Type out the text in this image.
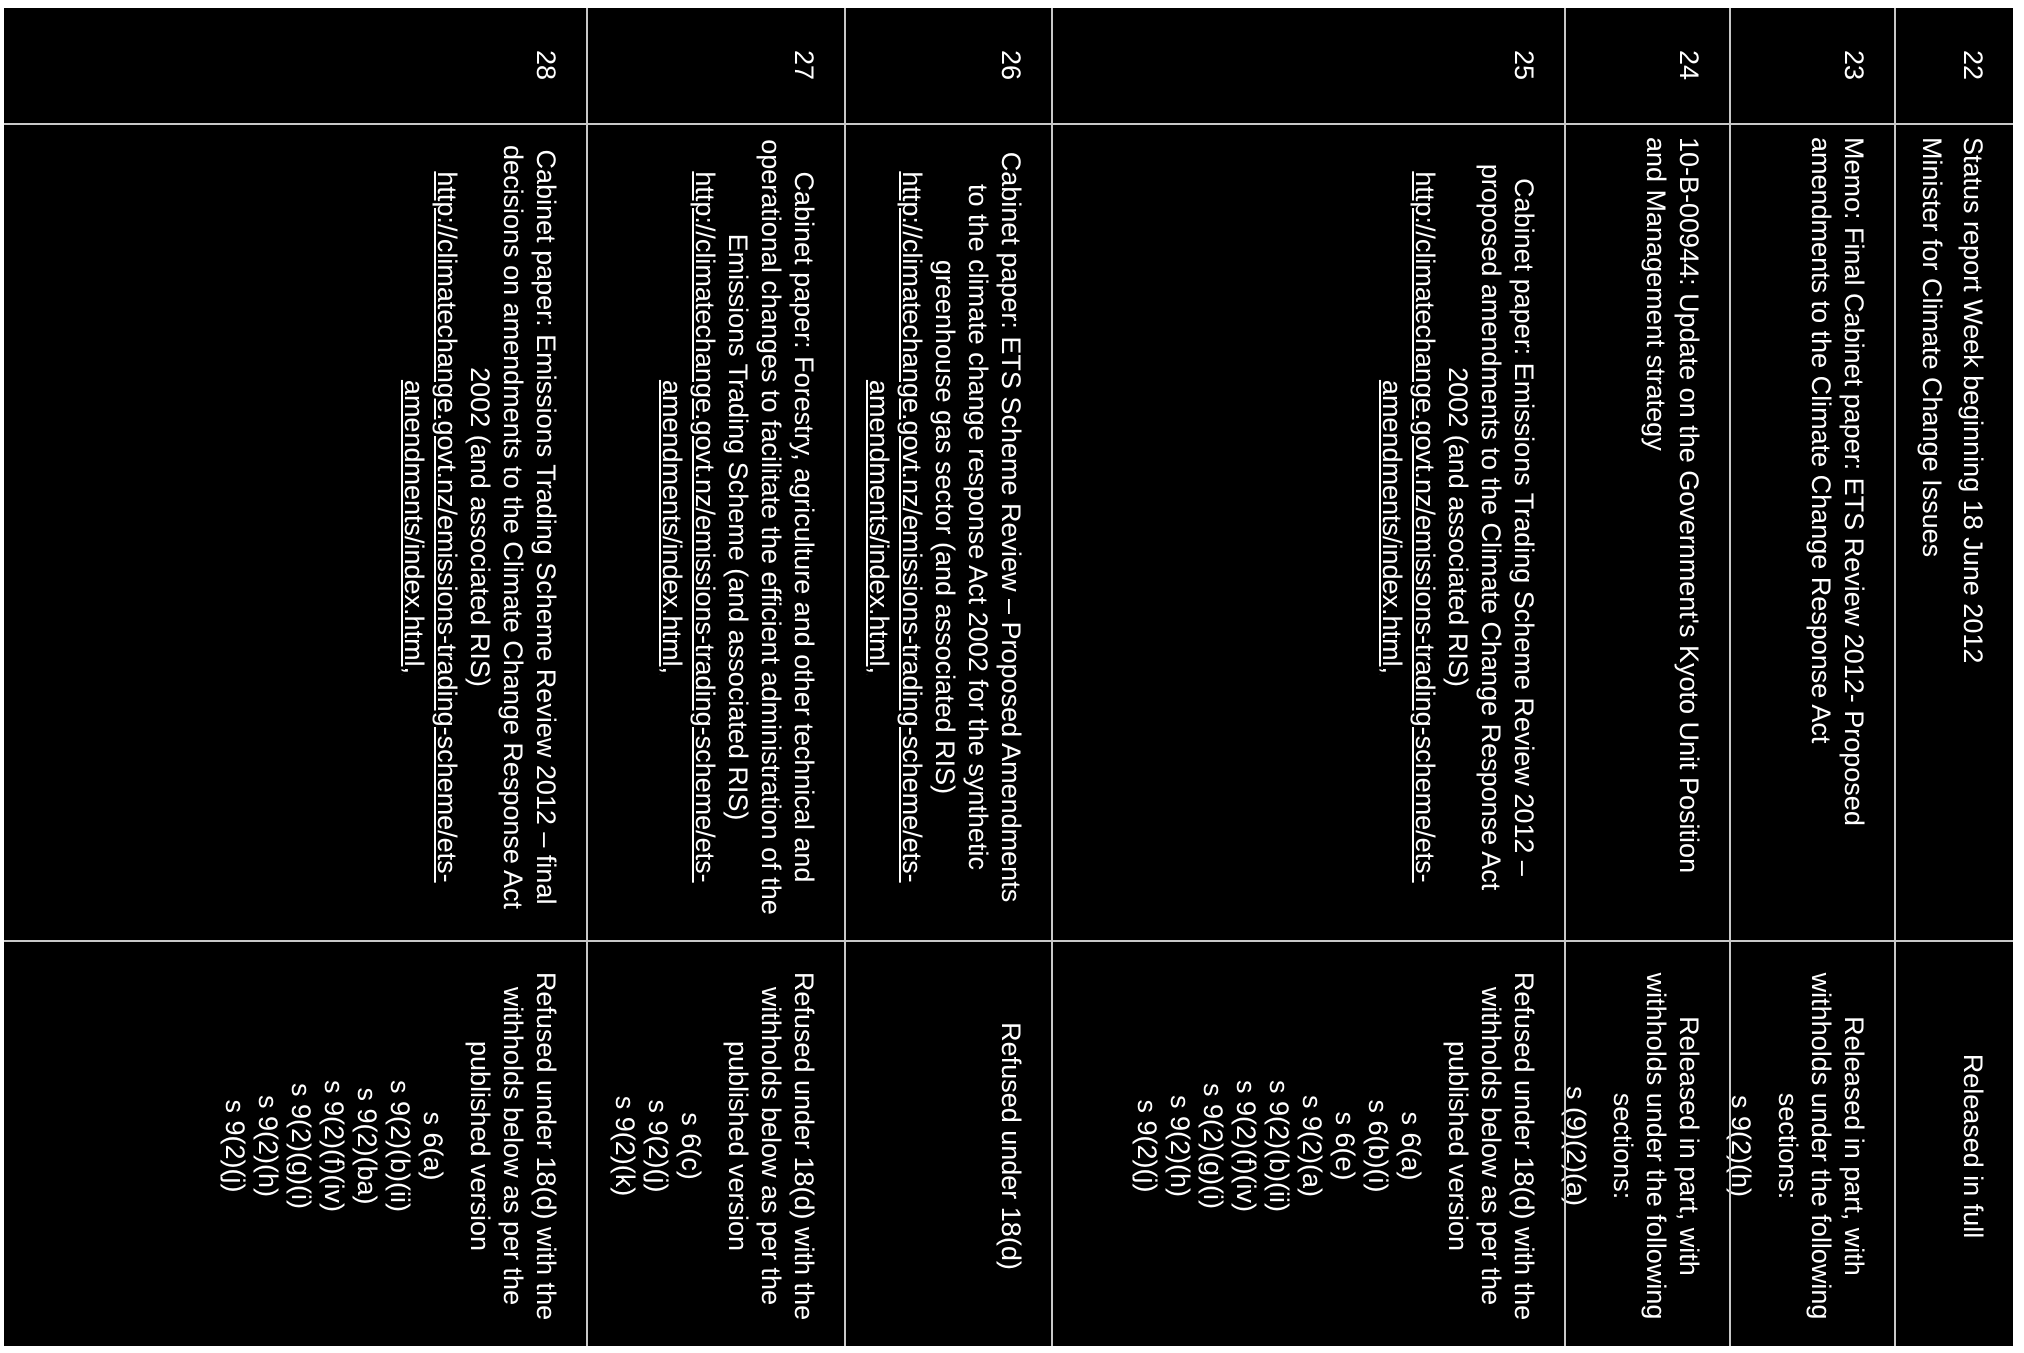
22

Status report Week beginning 18 June 2012

Minister for Climate Change Issues

Released in full

23

Memo: Final Cabinet paper: ETS Review 2012- Proposed amendments to the Climate Change Response Act

Released in part, with withholds under the following sections:

s 9(2)(h)

24

10-B-00944: Update on the Government's Kyoto Unit Position and Management strategy

Released in part, with withholds under the following sections:

s (9)(2)(a)

25

Cabinet paper: Emissions Trading Scheme Review 2012 – proposed amendments to the Climate Change Response Act 2002 (and associated RIS)

http://climatechange.govt.nz/emissions-trading-scheme/ets-amendments/index.html,

Refused under 18(d) with the withholds below as per the published version

s 6(a)

s 6(b)(i)

s 6(e)

s 9(2)(a)

s 9(2)(b)(ii)

s 9(2)(f)(iv)

s 9(2)(g)(i)

s 9(2)(h)

s 9(2)(j)

26

Cabinet paper: ETS Scheme Review – Proposed Amendments to the climate change response Act 2002 for the synthetic greenhouse gas sector (and associated RIS)

http://climatechange.govt.nz/emissions-trading-scheme/ets-amendments/index.html,

Refused under 18(d)

27

Cabinet paper: Forestry, agriculture and other technical and operational changes to facilitate the efficient administration of the Emissions Trading Scheme (and associated RIS)

http://climatechange.govt.nz/emissions-trading-scheme/ets-amendments/index.html,

Refused under 18(d) with the withholds below as per the published version

s 6(c)

s 9(2)(j)

s 9(2)(k)

28

Cabinet paper: Emissions Trading Scheme Review 2012 – final decisions on amendments to the Climate Change Response Act 2002 (and associated RIS)

http://climatechange.govt.nz/emissions-trading-scheme/ets-amendments/index.html,

Refused under 18(d) with the withholds below as per the published version

s 6(a)

s 9(2)(b)(ii)

s 9(2)(ba)

s 9(2)(f)(iv)

s 9(2)(g)(i)

s 9(2)(h)

s 9(2)(j)
